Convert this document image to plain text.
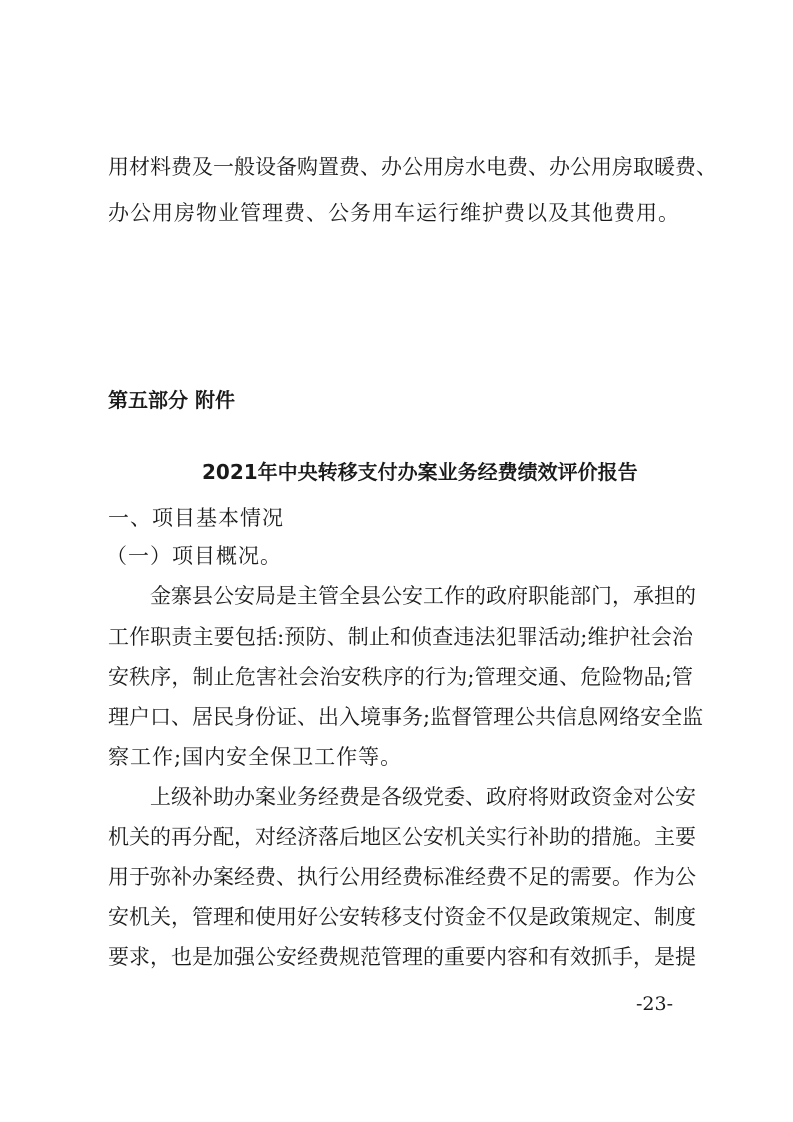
用材料费及一般设备购置费、办公用房水电费、办公用房取暖费、
办公用房物业管理费、公务用车运行维护费以及其他费用。
第五部分 附件
2021年中央转移支付办案业务经费绩效评价报告
一、项目基本情况
（一）项目概况。
金寨县公安局是主管全县公安工作的政府职能部门，承担的
工作职责主要包括:预防、制止和侦查违法犯罪活动;维护社会治
安秩序，制止危害社会治安秩序的行为;管理交通、危险物品;管
理户口、居民身份证、出入境事务;监督管理公共信息网络安全监
察工作;国内安全保卫工作等。
上级补助办案业务经费是各级党委、政府将财政资金对公安
机关的再分配，对经济落后地区公安机关实行补助的措施。主要
用于弥补办案经费、执行公用经费标准经费不足的需要。作为公
安机关，管理和使用好公安转移支付资金不仅是政策规定、制度
要求，也是加强公安经费规范管理的重要内容和有效抓手，是提
-23-
